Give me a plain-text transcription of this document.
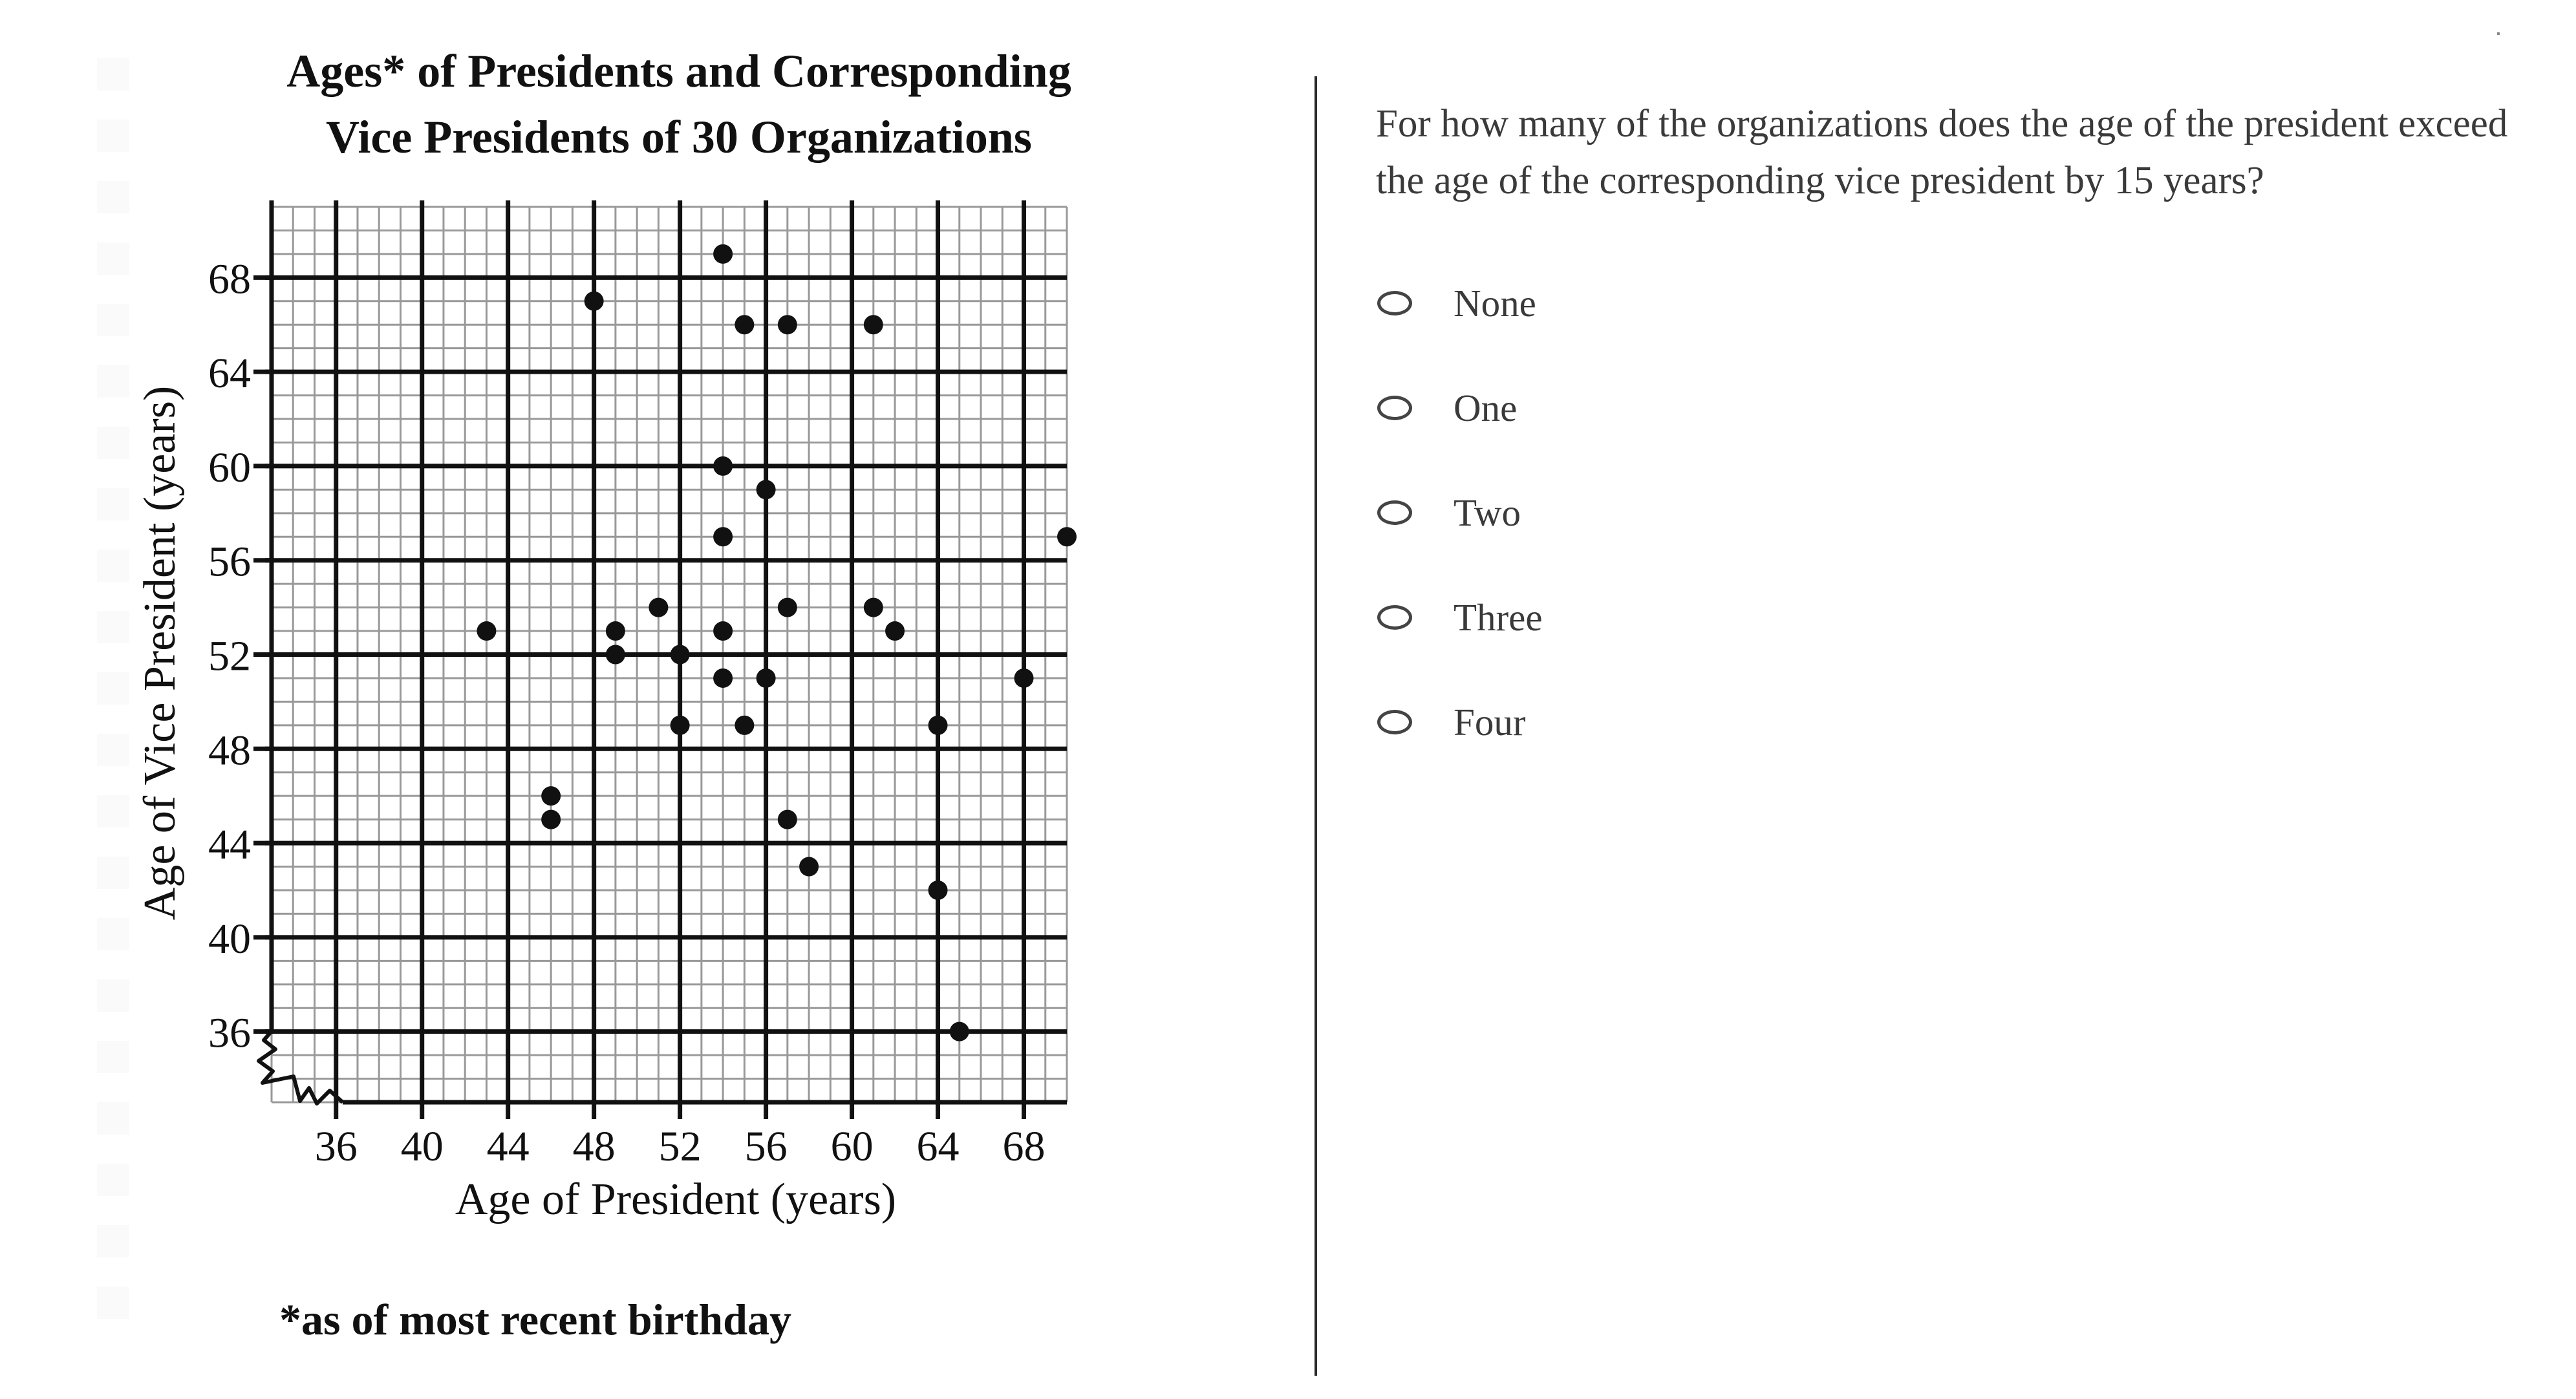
Ages* of Presidents and Corresponding
Vice Presidents of 30 Organizations
36
40
44
48
52
56
60
64
68
36 40 44 48 52 56 60 64 68
Age of President (years)
Age of Vice President (years)
*as of most recent birthday

For how many of the organizations does the age of the president exceed the age of the corresponding vice president by 15 years?

None
One
Two
Three
Four
